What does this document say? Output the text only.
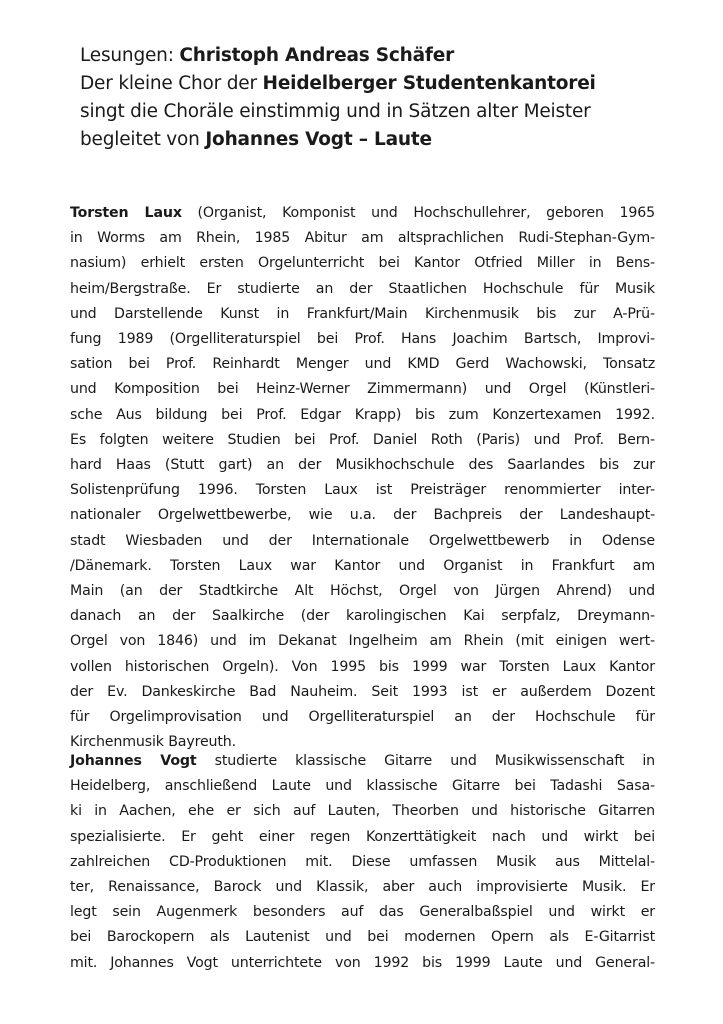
Lesungen: Christoph Andreas Schäfer
Der kleine Chor der Heidelberger Studentenkantorei
singt die Choräle einstimmig und in Sätzen alter Meister
begleitet von Johannes Vogt – Laute
Torsten Laux (Organist, Komponist und Hochschullehrer, geboren 1965
in Worms am Rhein, 1985 Abitur am altsprachlichen Rudi-Stephan-Gym-
nasium) erhielt ersten Orgelunterricht bei Kantor Otfried Miller in Bens-
heim/Bergstraße. Er studierte an der Staatlichen Hochschule für Musik
und Darstellende Kunst in Frankfurt/Main Kirchenmusik bis zur A-Prü-
fung 1989 (Orgelliteraturspiel bei Prof. Hans Joachim Bartsch, Improvi-
sation bei Prof. Reinhardt Menger und KMD Gerd Wachowski, Tonsatz
und Komposition bei Heinz-Werner Zimmermann) und Orgel (Künstleri-
sche Aus bildung bei Prof. Edgar Krapp) bis zum Konzertexamen 1992.
Es folgten weitere Studien bei Prof. Daniel Roth (Paris) und Prof. Bern-
hard Haas (Stutt gart) an der Musikhochschule des Saarlandes bis zur
Solistenprüfung 1996. Torsten Laux ist Preisträger renommierter inter-
nationaler Orgelwettbewerbe, wie u.a. der Bachpreis der Landeshaupt-
stadt Wiesbaden und der Internationale Orgelwettbewerb in Odense
/Dänemark. Torsten Laux war Kantor und Organist in Frankfurt am
Main (an der Stadtkirche Alt Höchst, Orgel von Jürgen Ahrend) und
danach an der Saalkirche (der karolingischen Kai serpfalz, Dreymann-
Orgel von 1846) und im Dekanat Ingelheim am Rhein (mit einigen wert-
vollen historischen Orgeln). Von 1995 bis 1999 war Torsten Laux Kantor
der Ev. Dankeskirche Bad Nauheim. Seit 1993 ist er außerdem Dozent
für Orgelimprovisation und Orgelliteraturspiel an der Hochschule für
Kirchenmusik Bayreuth.
Johannes Vogt studierte klassische Gitarre und Musikwissenschaft in
Heidelberg, anschließend Laute und klassische Gitarre bei Tadashi Sasa-
ki in Aachen, ehe er sich auf Lauten, Theorben und historische Gitarren
spezialisierte. Er geht einer regen Konzerttätigkeit nach und wirkt bei
zahlreichen CD-Produktionen mit. Diese umfassen Musik aus Mittelal-
ter, Renaissance, Barock und Klassik, aber auch improvisierte Musik. Er
legt sein Augenmerk besonders auf das Generalbaßspiel und wirkt er
bei Barockopern als Lautenist und bei modernen Opern als E-Gitarrist
mit. Johannes Vogt unterrichtete von 1992 bis 1999 Laute und General-
